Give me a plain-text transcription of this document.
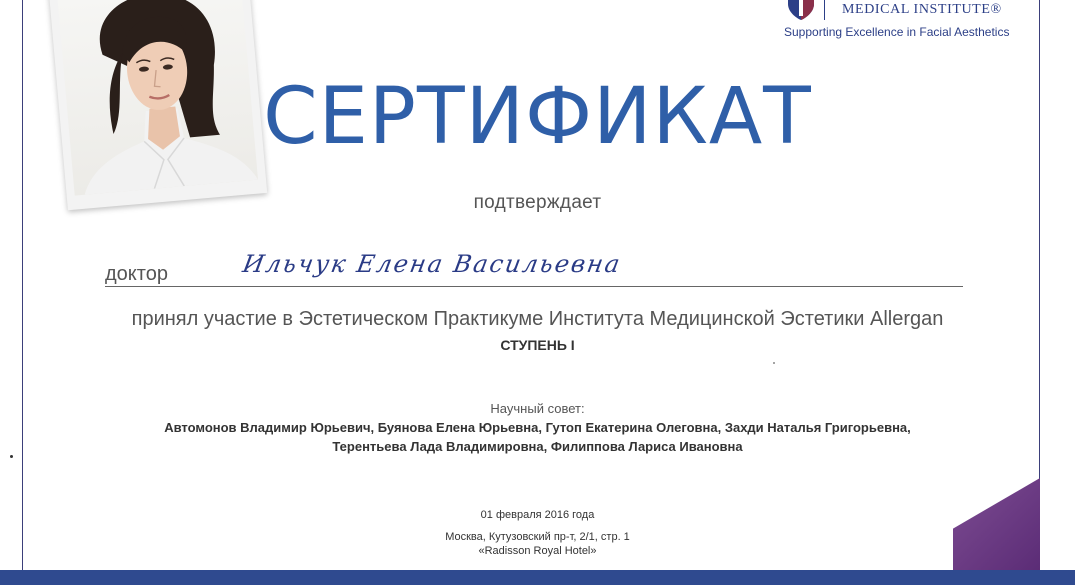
MEDICAL INSTITUTE®
Supporting Excellence in Facial Aesthetics
СЕРТИФИКАТ
подтверждает
доктор	Ильчук Елена Васильевна
принял участие в Эстетическом Практикуме Института Медицинской Эстетики Allergan
СТУПЕНЬ I
Научный совет:
Автомонов Владимир Юрьевич, Буянова Елена Юрьевна, Гутоп Екатерина Олеговна, Захди Наталья Григорьевна,
Терентьева Лада Владимировна, Филиппова Лариса Ивановна
01 февраля 2016 года
Москва, Кутузовский пр-т, 2/1, стр. 1
«Radisson Royal Hotel»
